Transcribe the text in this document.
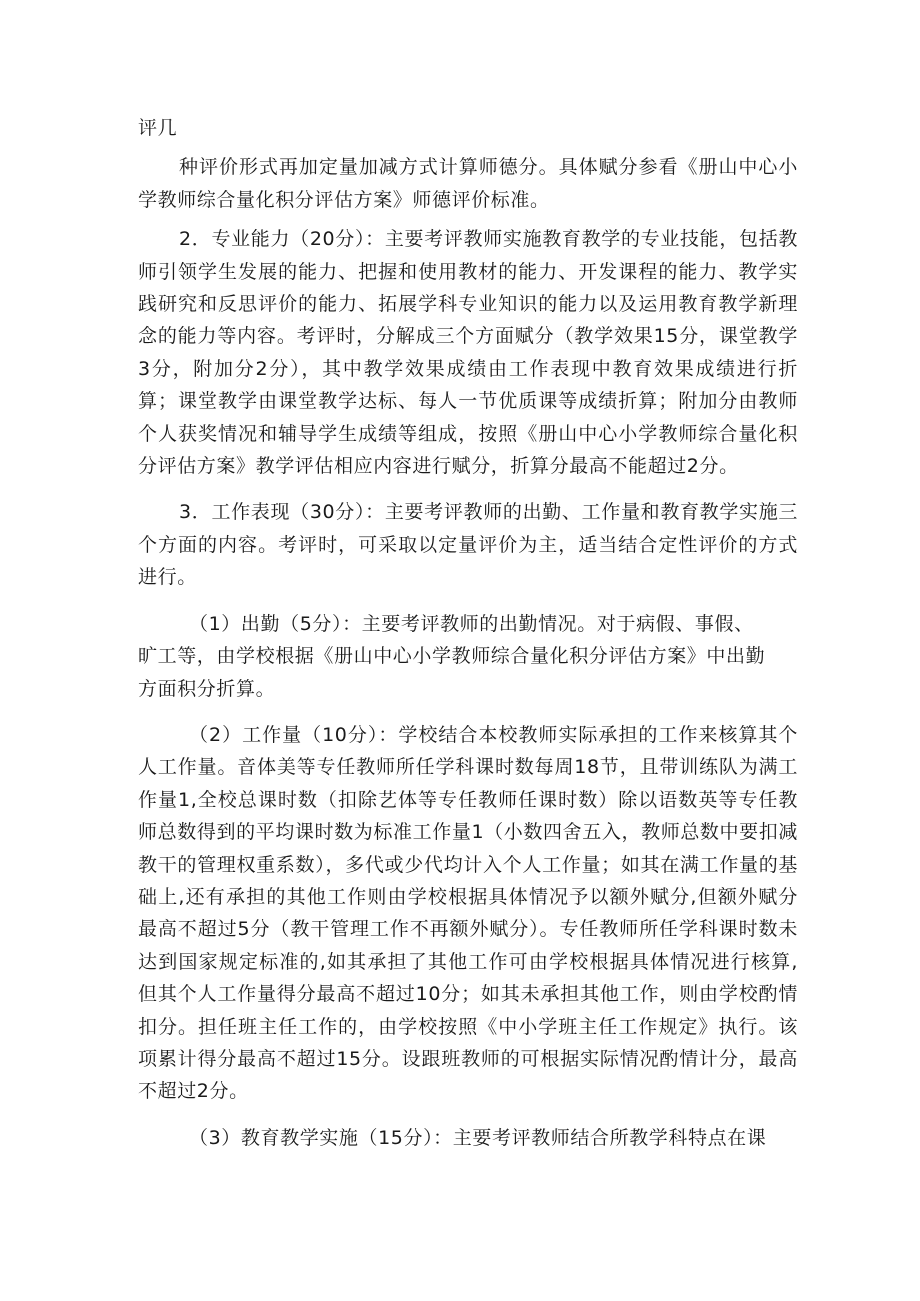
评几

种评价形式再加定量加减方式计算师德分。具体赋分参看《册山中心小学教师综合量化积分评估方案》师德评价标准。

2．专业能力（20分）：主要考评教师实施教育教学的专业技能，包括教师引领学生发展的能力、把握和使用教材的能力、开发课程的能力、教学实践研究和反思评价的能力、拓展学科专业知识的能力以及运用教育教学新理念的能力等内容。考评时，分解成三个方面赋分（教学效果15分，课堂教学3分，附加分2分），其中教学效果成绩由工作表现中教育效果成绩进行折算；课堂教学由课堂教学达标、每人一节优质课等成绩折算；附加分由教师个人获奖情况和辅导学生成绩等组成，按照《册山中心小学教师综合量化积分评估方案》教学评估相应内容进行赋分，折算分最高不能超过2分。

3．工作表现（30分）：主要考评教师的出勤、工作量和教育教学实施三个方面的内容。考评时，可采取以定量评价为主，适当结合定性评价的方式进行。

（1）出勤（5分）：主要考评教师的出勤情况。对于病假、事假、
旷工等，由学校根据《册山中心小学教师综合量化积分评估方案》中出勤
方面积分折算。

（2）工作量（10分）：学校结合本校教师实际承担的工作来核算其个人工作量。音体美等专任教师所任学科课时数每周18节，且带训练队为满工作量1,全校总课时数（扣除艺体等专任教师任课时数）除以语数英等专任教师总数得到的平均课时数为标准工作量1（小数四舍五入，教师总数中要扣减教干的管理权重系数），多代或少代均计入个人工作量；如其在满工作量的基础上,还有承担的其他工作则由学校根据具体情况予以额外赋分,但额外赋分最高不超过5分（教干管理工作不再额外赋分）。专任教师所任学科课时数未达到国家规定标准的,如其承担了其他工作可由学校根据具体情况进行核算,但其个人工作量得分最高不超过10分；如其未承担其他工作，则由学校酌情扣分。担任班主任工作的，由学校按照《中小学班主任工作规定》执行。该项累计得分最高不超过15分。设跟班教师的可根据实际情况酌情计分，最高不超过2分。

（3）教育教学实施（15分）：主要考评教师结合所教学科特点在课
